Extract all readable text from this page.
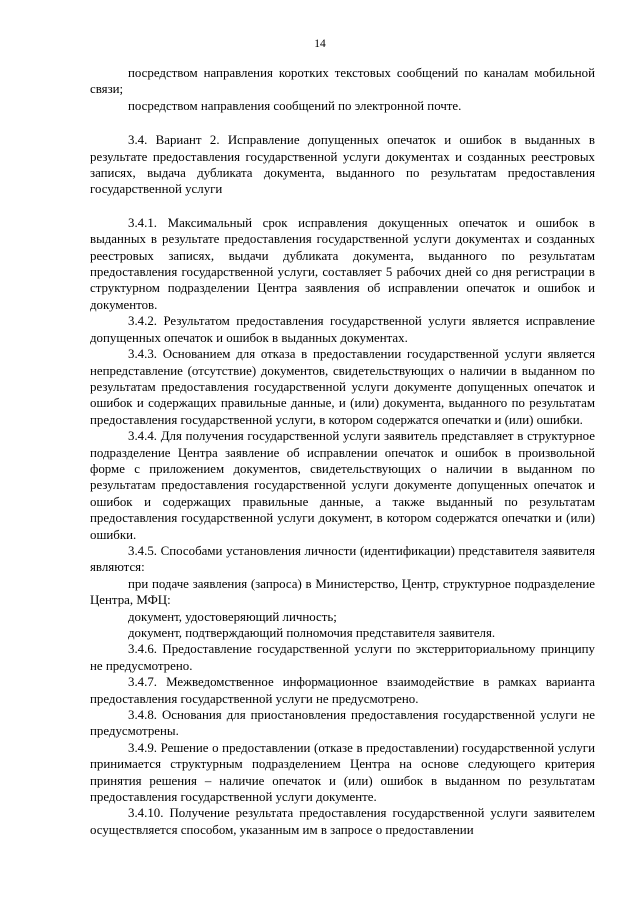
14

посредством направления коротких текстовых сообщений по каналам мобильной связи;

посредством направления сообщений по электронной почте.

3.4. Вариант 2. Исправление допущенных опечаток и ошибок в выданных в результате предоставления государственной услуги документах и созданных реестровых записях, выдача дубликата документа, выданного по результатам предоставления государственной услуги

3.4.1. Максимальный срок исправления докущенных опечаток и ошибок в выданных в результате предоставления государственной услуги документах и созданных реестровых записях, выдачи дубликата документа, выданного по результатам предоставления государственной услуги, составляет 5 рабочих дней со дня регистрации в структурном подразделении Центра заявления об исправлении опечаток и ошибок и документов.

3.4.2. Результатом предоставления государственной услуги является исправление допущенных опечаток и ошибок в выданных документах.

3.4.3. Основанием для отказа в предоставлении государственной услуги является непредставление (отсутствие) документов, свидетельствующих о наличии в выданном по результатам предоставления государственной услуги документе допущенных опечаток и ошибок и содержащих правильные данные, и (или) документа, выданного по результатам предоставления государственной услуги, в котором содержатся опечатки и (или) ошибки.

3.4.4. Для получения государственной услуги заявитель представляет в структурное подразделение Центра заявление об исправлении опечаток и ошибок в произвольной форме с приложением документов, свидетельствующих о наличии в выданном по результатам предоставления государственной услуги документе допущенных опечаток и ошибок и содержащих правильные данные, а также выданный по результатам предоставления государственной услуги документ, в котором содержатся опечатки и (или) ошибки.

3.4.5. Способами установления личности (идентификации) представителя заявителя являются:

при подаче заявления (запроса) в Министерство, Центр, структурное подразделение Центра, МФЦ:

документ, удостоверяющий личность;

документ, подтверждающий полномочия представителя заявителя.

3.4.6. Предоставление государственной услуги по экстерриториальному принципу не предусмотрено.

3.4.7. Межведомственное информационное взаимодействие в рамках варианта предоставления государственной услуги не предусмотрено.

3.4.8. Основания для приостановления предоставления государственной услуги не предусмотрены.

3.4.9. Решение о предоставлении (отказе в предоставлении) государственной услуги принимается структурным подразделением Центра на основе следующего критерия принятия решения – наличие опечаток и (или) ошибок в выданном по результатам предоставления государственной услуги документе.

3.4.10. Получение результата предоставления государственной услуги заявителем осуществляется способом, указанным им в запросе о предоставлении
